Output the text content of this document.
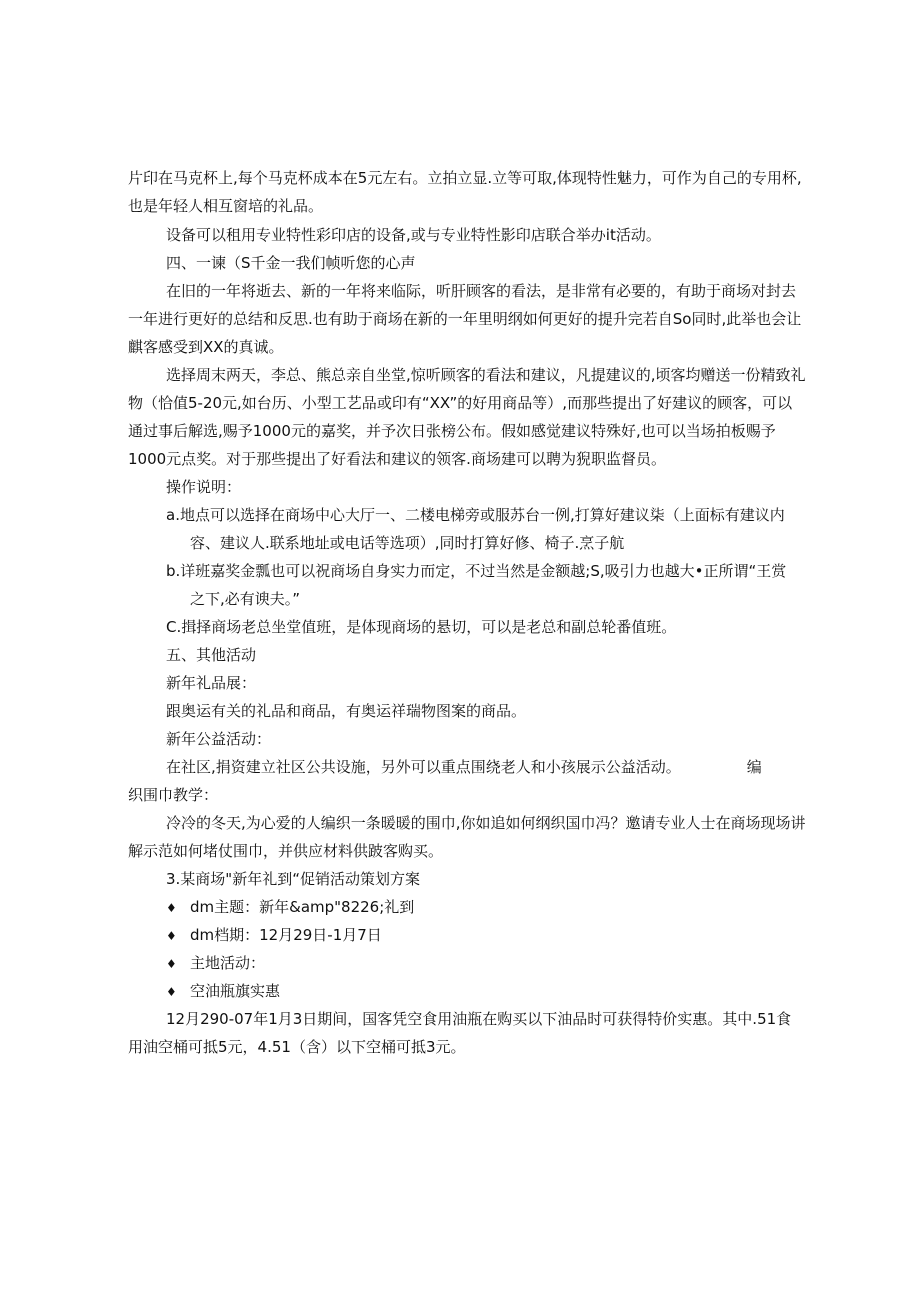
片印在马克杯上,每个马克杯成本在5元左右。立拍立显.立等可取,体现特性魅力，可作为自己的专用杯,
也是年轻人相互窗培的礼品。
设备可以租用专业特性彩印店的设备,或与专业特性影印店联合举办it活动。
四、一谏（S千金一我们帧听您的心声
在旧的一年将逝去、新的一年将来临际，听肝顾客的看法，是非常有必要的，有助于商场对封去
一年进行更好的总结和反思.也有助于商场在新的一年里明纲如何更好的提升完若自So同时,此举也会让
麒客感受到XX的真诚。
选择周末两天，李总、熊总亲自坐堂,惊听顾客的看法和建议，凡提建议的,顷客均赠送一份精致礼
物（恰值5-20元,如台历、小型工艺品或印有“XX”的好用商品等）,而那些提出了好建议的顾客，可以
通过事后解选,赐予1000元的嘉奖，并予次日张榜公布。假如感觉建议特殊好,也可以当场拍板赐予
1000元点奖。对于那些提出了好看法和建议的领客.商场建可以聘为猊职监督员。
操作说明：
a.地点可以选择在商场中心大厅一、二楼电梯旁或服苏台一例,打算好建议柒（上面标有建议内
容、建议人.联系地址或电话等选项）,同时打算好修、椅子.烹子航
b.详班嘉奖金瓢也可以祝商场自身实力而定，不过当然是金额越;S,吸引力也越大•正所谓“王赏
之下,必有谀夫。”
C.揖择商场老总坐堂值班，是体现商场的悬切，可以是老总和副总轮番值班。
五、其他活动
新年礼品展：
跟奥运有关的礼品和商品，有奥运祥瑞物图案的商品。
新年公益活动：
在社区,捐资建立社区公共设施，另外可以重点围绕老人和小孩展示公益活动。	编
织围巾教学：
冷冷的冬天,为心爱的人编织一条暖暖的围巾,你如追如何纲织国巾冯？邀请专业人士在商场现场讲
解示范如何堵仗围巾，并供应材料供跛客购买。
3.某商场"新年礼到“促销活动策划方案
♦ dm主题：新年&amp"8226;礼到
♦ dm档期：12月29日-1月7日
♦ 主地活动：
♦ 空油瓶旗实惠
12月290-07年1月3日期间，国客凭空食用油瓶在购买以下油品时可获得特价实惠。其中.51食
用油空桶可抵5元，4.51（含）以下空桶可抵3元。
